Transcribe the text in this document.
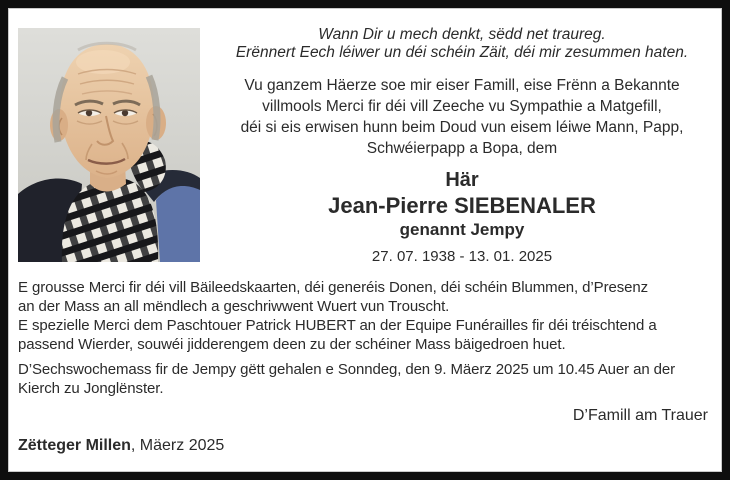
Wann Dir u mech denkt, sëdd net traureg.
Erënnert Eech léiwer un déi schéin Zäit, déi mir zesummen haten.
Vu ganzem Häerze soe mir eiser Famill, eise Frënn a Bekannte
villmools Merci fir déi vill Zeeche vu Sympathie a Matgefill,
déi si eis erwisen hunn beim Doud vun eisem léiwe Mann, Papp,
Schwéierpapp a Bopa, dem
Här
Jean-Pierre SIEBENALER
genannt Jempy
27. 07. 1938 - 13. 01. 2025
E grousse Merci fir déi vill Bäileedskaarten, déi generéis Donen, déi schéin Blummen, d’Presenz
an der Mass an all mëndlech a geschriwwent Wuert vun Trouscht.
E spezielle Merci dem Paschtouer Patrick HUBERT an der Equipe Funérailles fir déi tréischtend a
passend Wierder, souwéi jidderengem deen zu der schéiner Mass bäigedroen huet.
D’Sechswochemass fir de Jempy gëtt gehalen e Sonndeg, den 9. Mäerz 2025 um 10.45 Auer an der
Kierch zu Jonglënster.
D’Famill am Trauer
Zëtteger Millen, Mäerz 2025
